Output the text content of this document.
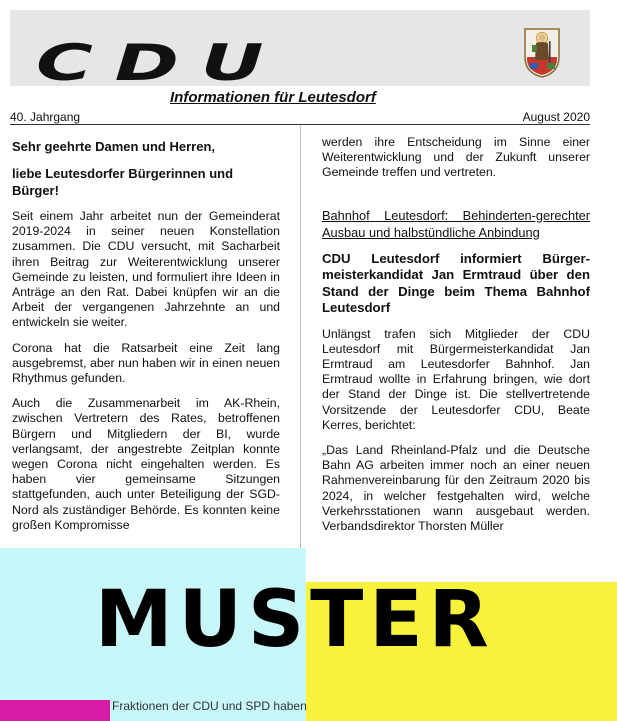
CDU
Informationen für Leutesdorf
40. Jahrgang	August 2020

Sehr geehrte Damen und Herren,

liebe Leutesdorfer Bürgerinnen und Bürger!

Seit einem Jahr arbeitet nun der Gemeinderat 2019-2024 in seiner neuen Konstellation zusammen. Die CDU versucht, mit Sacharbeit ihren Beitrag zur Weiterentwicklung unserer Gemeinde zu leisten, und formuliert ihre Ideen in Anträge an den Rat. Dabei knüpfen wir an die Arbeit der vergangenen Jahrzehnte an und entwickeln sie weiter.

Corona hat die Ratsarbeit eine Zeit lang ausgebremst, aber nun haben wir in einen neuen Rhythmus gefunden.

Auch die Zusammenarbeit im AK-Rhein, zwischen Vertretern des Rates, betroffenen Bürgern und Mitgliedern der BI, wurde verlangsamt, der angestrebte Zeitplan konnte wegen Corona nicht eingehalten werden. Es haben vier gemeinsame Sitzungen stattgefunden, auch unter Beteiligung der SGD-Nord als zuständiger Behörde. Es konnten keine großen Kompromisse

werden ihre Entscheidung im Sinne einer Weiterentwicklung und der Zukunft unserer Gemeinde treffen und vertreten.

Bahnhof Leutesdorf: Behinderten-gerechter Ausbau und halbstündliche Anbindung

CDU Leutesdorf informiert Bürger-meisterkandidat Jan Ermtraud über den Stand der Dinge beim Thema Bahnhof Leutesdorf

Unlängst trafen sich Mitglieder der CDU Leutesdorf mit Bürgermeisterkandidat Jan Ermtraud am Leutesdorfer Bahnhof. Jan Ermtraud wollte in Erfahrung bringen, wie dort der Stand der Dinge ist. Die stellvertretende Vorsitzende der Leutesdorfer CDU, Beate Kerres, berichtet:

„Das Land Rheinland-Pfalz und die Deutsche Bahn AG arbeiten immer noch an einer neuen Rahmenvereinbarung für den Zeitraum 2020 bis 2024, in welcher festgehalten wird, welche Verkehrsstationen wann ausgebaut werden. Verbandsdirektor Thorsten Müller

Fraktionen der CDU und SPD haben
MUSTER
